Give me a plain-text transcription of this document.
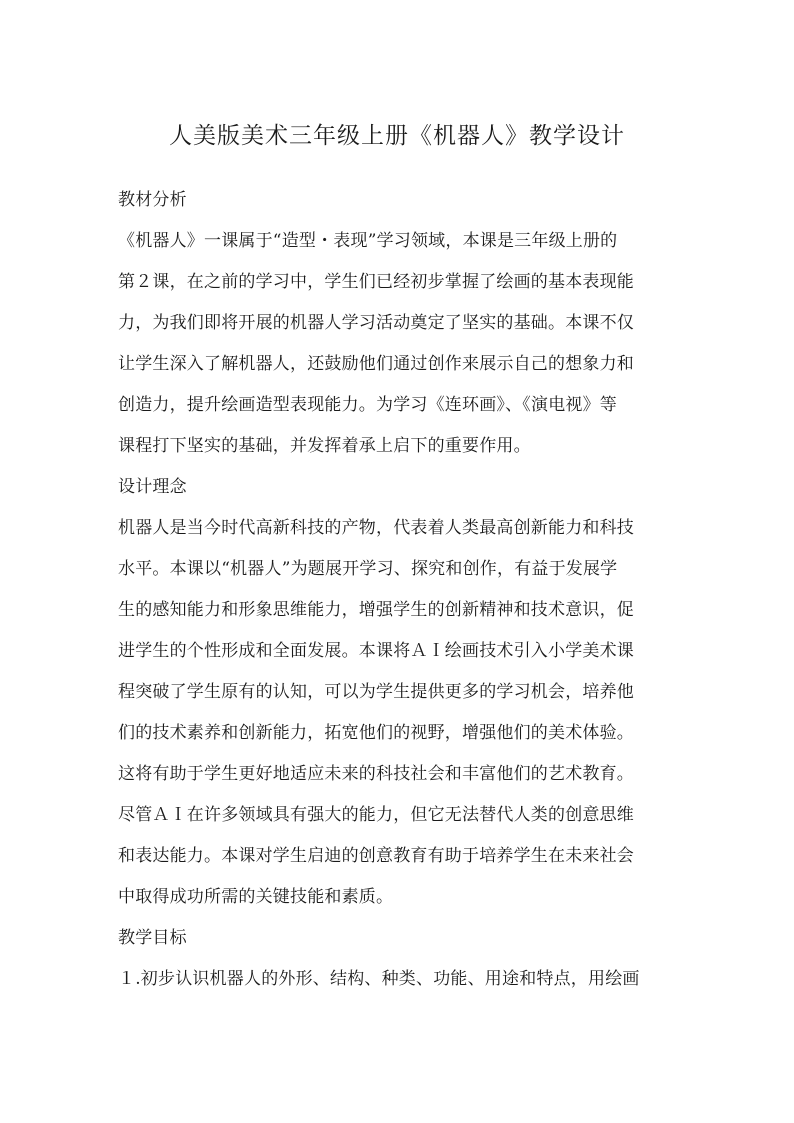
人美版美术三年级上册《机器人》教学设计
教材分析
《机器人》一课属于“造型・表现”学习领域，本课是三年级上册的
第２课，在之前的学习中，学生们已经初步掌握了绘画的基本表现能
力，为我们即将开展的机器人学习活动奠定了坚实的基础。本课不仅
让学生深入了解机器人，还鼓励他们通过创作来展示自己的想象力和
创造力，提升绘画造型表现能力。为学习《连环画》、《演电视》等
课程打下坚实的基础，并发挥着承上启下的重要作用。
设计理念
机器人是当今时代高新科技的产物，代表着人类最高创新能力和科技
水平。本课以“机器人”为题展开学习、探究和创作，有益于发展学
生的感知能力和形象思维能力，增强学生的创新精神和技术意识，促
进学生的个性形成和全面发展。本课将ＡＩ绘画技术引入小学美术课
程突破了学生原有的认知，可以为学生提供更多的学习机会，培养他
们的技术素养和创新能力，拓宽他们的视野，增强他们的美术体验。
这将有助于学生更好地适应未来的科技社会和丰富他们的艺术教育。
尽管ＡＩ在许多领域具有强大的能力，但它无法替代人类的创意思维
和表达能力。本课对学生启迪的创意教育有助于培养学生在未来社会
中取得成功所需的关键技能和素质。
教学目标
１.初步认识机器人的外形、结构、种类、功能、用途和特点，用绘画
